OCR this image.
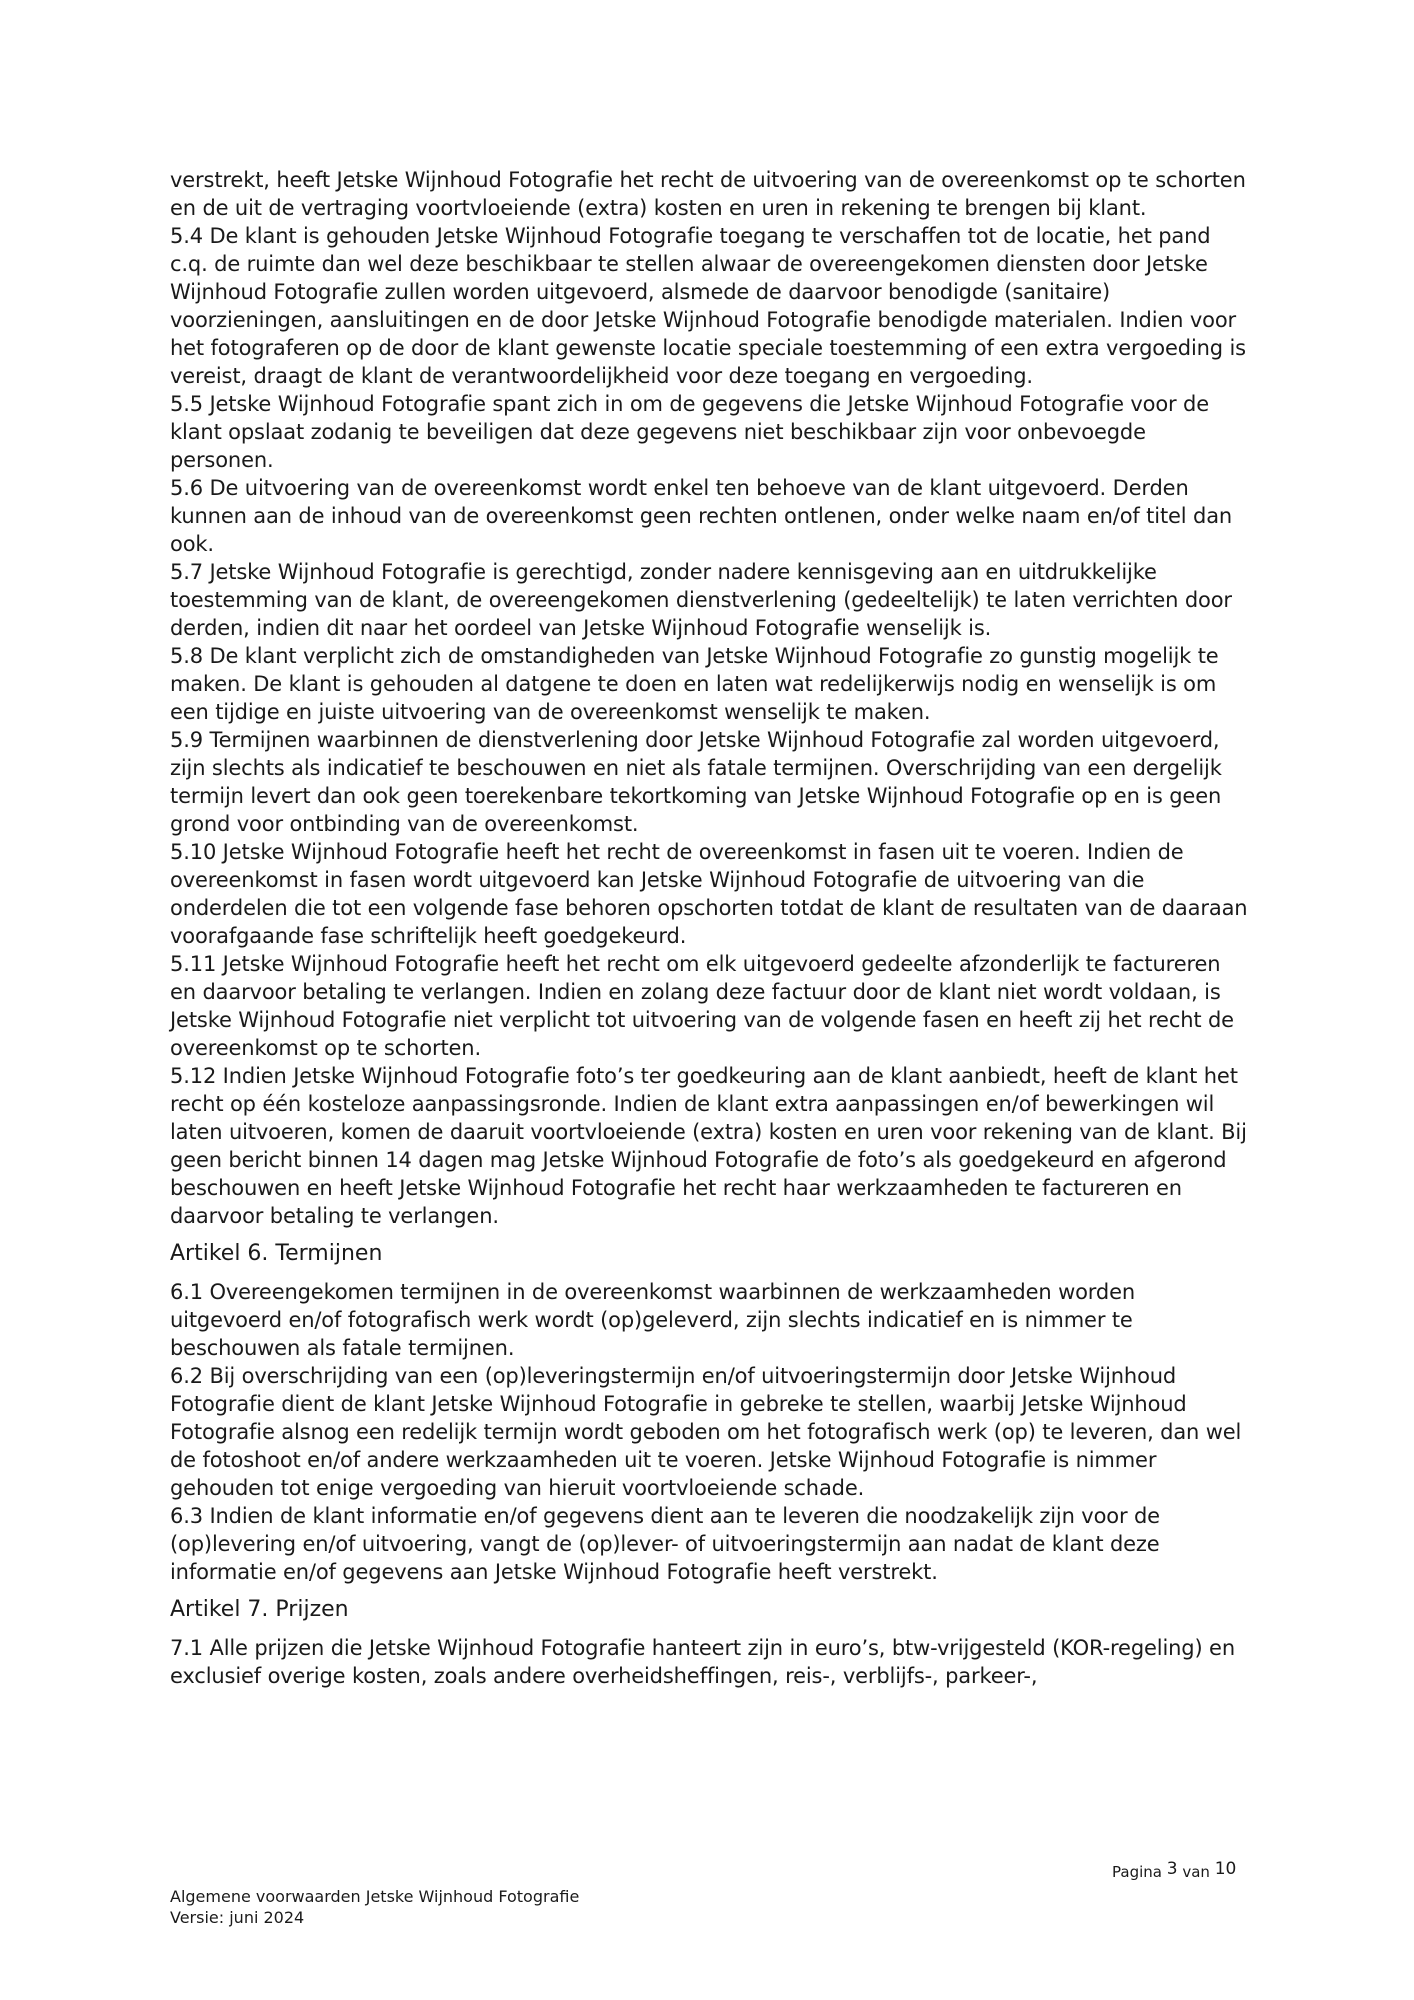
verstrekt, heeft Jetske Wijnhoud Fotografie het recht de uitvoering van de overeenkomst op te schorten en de uit de vertraging voortvloeiende (extra) kosten en uren in rekening te brengen bij klant.

5.4 De klant is gehouden Jetske Wijnhoud Fotografie toegang te verschaffen tot de locatie, het pand c.q. de ruimte dan wel deze beschikbaar te stellen alwaar de overeengekomen diensten door Jetske Wijnhoud Fotografie zullen worden uitgevoerd, alsmede de daarvoor benodigde (sanitaire) voorzieningen, aansluitingen en de door Jetske Wijnhoud Fotografie benodigde materialen. Indien voor het fotograferen op de door de klant gewenste locatie speciale toestemming of een extra vergoeding is vereist, draagt de klant de verantwoordelijkheid voor deze toegang en vergoeding.

5.5 Jetske Wijnhoud Fotografie spant zich in om de gegevens die Jetske Wijnhoud Fotografie voor de klant opslaat zodanig te beveiligen dat deze gegevens niet beschikbaar zijn voor onbevoegde personen.

5.6 De uitvoering van de overeenkomst wordt enkel ten behoeve van de klant uitgevoerd. Derden kunnen aan de inhoud van de overeenkomst geen rechten ontlenen, onder welke naam en/of titel dan ook.

5.7 Jetske Wijnhoud Fotografie is gerechtigd, zonder nadere kennisgeving aan en uitdrukkelijke toestemming van de klant, de overeengekomen dienstverlening (gedeeltelijk) te laten verrichten door derden, indien dit naar het oordeel van Jetske Wijnhoud Fotografie wenselijk is.

5.8 De klant verplicht zich de omstandigheden van Jetske Wijnhoud Fotografie zo gunstig mogelijk te maken. De klant is gehouden al datgene te doen en laten wat redelijkerwijs nodig en wenselijk is om een tijdige en juiste uitvoering van de overeenkomst wenselijk te maken.

5.9 Termijnen waarbinnen de dienstverlening door Jetske Wijnhoud Fotografie zal worden uitgevoerd, zijn slechts als indicatief te beschouwen en niet als fatale termijnen. Overschrijding van een dergelijk termijn levert dan ook geen toerekenbare tekortkoming van Jetske Wijnhoud Fotografie op en is geen grond voor ontbinding van de overeenkomst.

5.10 Jetske Wijnhoud Fotografie heeft het recht de overeenkomst in fasen uit te voeren. Indien de overeenkomst in fasen wordt uitgevoerd kan Jetske Wijnhoud Fotografie de uitvoering van die onderdelen die tot een volgende fase behoren opschorten totdat de klant de resultaten van de daaraan voorafgaande fase schriftelijk heeft goedgekeurd.

5.11 Jetske Wijnhoud Fotografie heeft het recht om elk uitgevoerd gedeelte afzonderlijk te factureren en daarvoor betaling te verlangen. Indien en zolang deze factuur door de klant niet wordt voldaan, is Jetske Wijnhoud Fotografie niet verplicht tot uitvoering van de volgende fasen en heeft zij het recht de overeenkomst op te schorten.

5.12 Indien Jetske Wijnhoud Fotografie foto’s ter goedkeuring aan de klant aanbiedt, heeft de klant het recht op één kosteloze aanpassingsronde. Indien de klant extra aanpassingen en/of bewerkingen wil laten uitvoeren, komen de daaruit voortvloeiende (extra) kosten en uren voor rekening van de klant. Bij geen bericht binnen 14 dagen mag Jetske Wijnhoud Fotografie de foto’s als goedgekeurd en afgerond beschouwen en heeft Jetske Wijnhoud Fotografie het recht haar werkzaamheden te factureren en daarvoor betaling te verlangen.

Artikel 6. Termijnen

6.1 Overeengekomen termijnen in de overeenkomst waarbinnen de werkzaamheden worden uitgevoerd en/of fotografisch werk wordt (op)geleverd, zijn slechts indicatief en is nimmer te beschouwen als fatale termijnen.

6.2 Bij overschrijding van een (op)leveringstermijn en/of uitvoeringstermijn door Jetske Wijnhoud Fotografie dient de klant Jetske Wijnhoud Fotografie in gebreke te stellen, waarbij Jetske Wijnhoud Fotografie alsnog een redelijk termijn wordt geboden om het fotografisch werk (op) te leveren, dan wel de fotoshoot en/of andere werkzaamheden uit te voeren. Jetske Wijnhoud Fotografie is nimmer gehouden tot enige vergoeding van hieruit voortvloeiende schade.

6.3 Indien de klant informatie en/of gegevens dient aan te leveren die noodzakelijk zijn voor de (op)levering en/of uitvoering, vangt de (op)lever- of uitvoeringstermijn aan nadat de klant deze informatie en/of gegevens aan Jetske Wijnhoud Fotografie heeft verstrekt.

Artikel 7. Prijzen

7.1 Alle prijzen die Jetske Wijnhoud Fotografie hanteert zijn in euro’s, btw-vrijgesteld (KOR-regeling) en exclusief overige kosten, zoals andere overheidsheffingen, reis-, verblijfs-, parkeer-,

Pagina 3 van 10
Algemene voorwaarden Jetske Wijnhoud Fotografie
Versie: juni 2024
